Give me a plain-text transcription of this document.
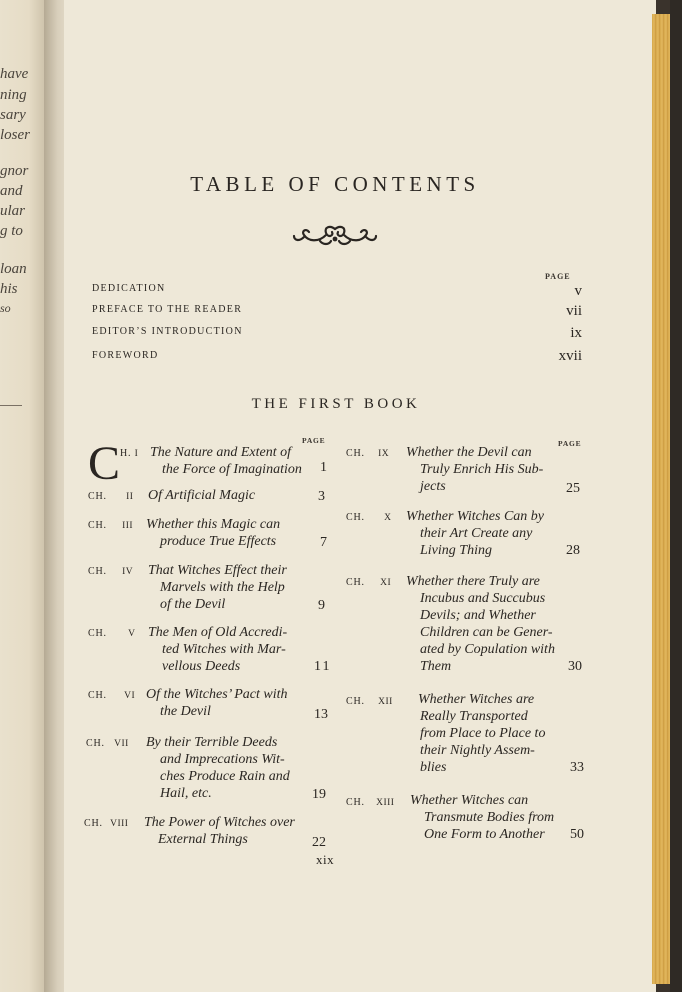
have
ning
sary
loser
gnor
and
ular
g to
loan
his
so
TABLE OF CONTENTS
PAGE
DEDICATION	v
PREFACE TO THE READER	vii
EDITOR’S INTRODUCTION	ix
FOREWORD	xvii
THE FIRST BOOK
PAGE	PAGE
C H. I The Nature and Extent of
the Force of Imagination 1
CH. II Of Artificial Magic	3
CH. III Whether this Magic can
produce True Effects	7
CH. IV That Witches Effect their
Marvels with the Help
of the Devil	9
CH. V The Men of Old Accredi-
ted Witches with Mar-
vellous Deeds	11
CH. VI Of the Witches’ Pact with
the Devil	13
CH. VII By their Terrible Deeds
and Imprecations Wit-
ches Produce Rain and
Hail, etc.	19
CH. VIII The Power of Witches over
External Things	22
CH. IX Whether the Devil can
Truly Enrich His Sub-
jects	25
CH. X Whether Witches Can by
their Art Create any
Living Thing	28
CH. XI Whether there Truly are
Incubus and Succubus
Devils; and Whether
Children can be Gener-
ated by Copulation with
Them	30
CH. XII Whether Witches are
Really Transported
from Place to Place to
their Nightly Assem-
blies	33
CH. XIII Whether Witches can
Transmute Bodies from
One Form to Another	50
xix
